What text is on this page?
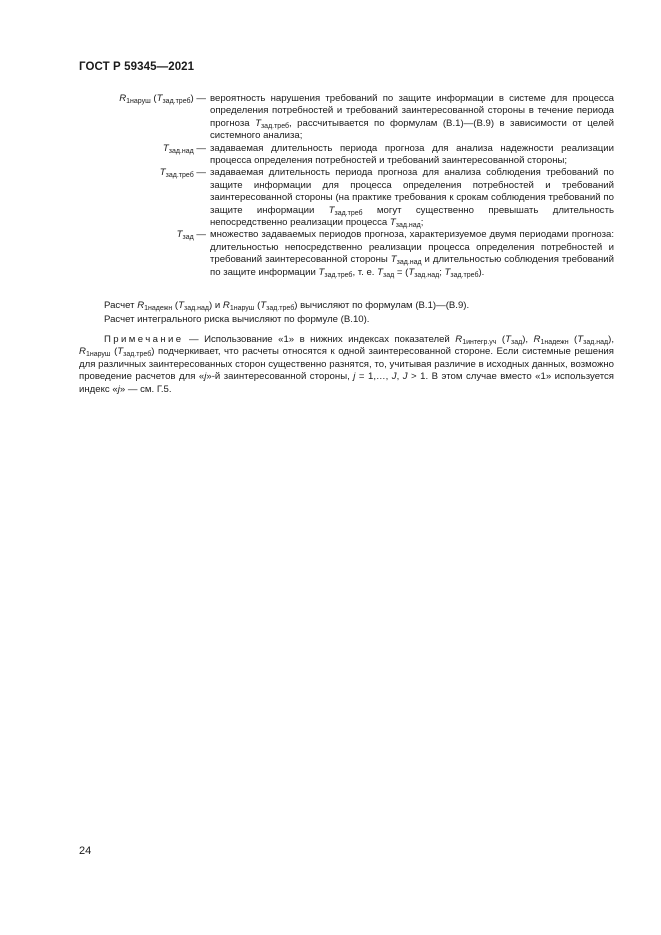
ГОСТ Р 59345—2021
$R_{1наруш}$ $(T_{зад.треб})$ — вероятность нарушения требований по защите информации в системе для процесса определения потребностей и требований заинтересованной стороны в течение периода прогноза $T_{зад.треб}$, рассчитывается по формулам (В.1)—(В.9) в зависимости от целей системного анализа;
$T_{зад.над}$ — задаваемая длительность периода прогноза для анализа надежности реализации процесса определения потребностей и требований заинтересованной стороны;
$T_{зад.треб}$ — задаваемая длительность периода прогноза для анализа соблюдения требований по защите информации для процесса определения потребностей и требований заинтересованной стороны (на практике требования к срокам соблюдения требований по защите информации $T_{зад.треб}$ могут существенно превышать длительность непосредственно реализации процесса $T_{зад.над}$;
$T_{зад}$ — множество задаваемых периодов прогноза, характеризуемое двумя периодами прогноза: длительностью непосредственно реализации процесса определения потребностей и требований заинтересованной стороны $T_{зад.над}$ и длительностью соблюдения требований по защите информации $T_{зад.треб}$, т. е. $T_{зад} = (T_{зад.над}$; $T_{зад.треб}$).
Расчет $R_{1надежн}$ $(T_{зад.над})$ и $R_{1наруш}$ $(T_{зад.треб})$ вычисляют по формулам (В.1)—(В.9).
Расчет интегрального риска вычисляют по формуле (В.10).
Примечание — Использование «1» в нижних индексах показателей $R_{1интегр.уч}$ $(T_{зад})$, $R_{1надежн}$ $(T_{зад.над})$, $R_{1наруш}$ $(T_{зад.треб})$ подчеркивает, что расчеты относятся к одной заинтересованной стороне. Если системные решения для различных заинтересованных сторон существенно разнятся, то, учитывая различие в исходных данных, возможно проведение расчетов для «j»-й заинтересованной стороны, j = 1,…, J, J > 1. В этом случае вместо «1» используется индекс «j» — см. Г.5.
24
